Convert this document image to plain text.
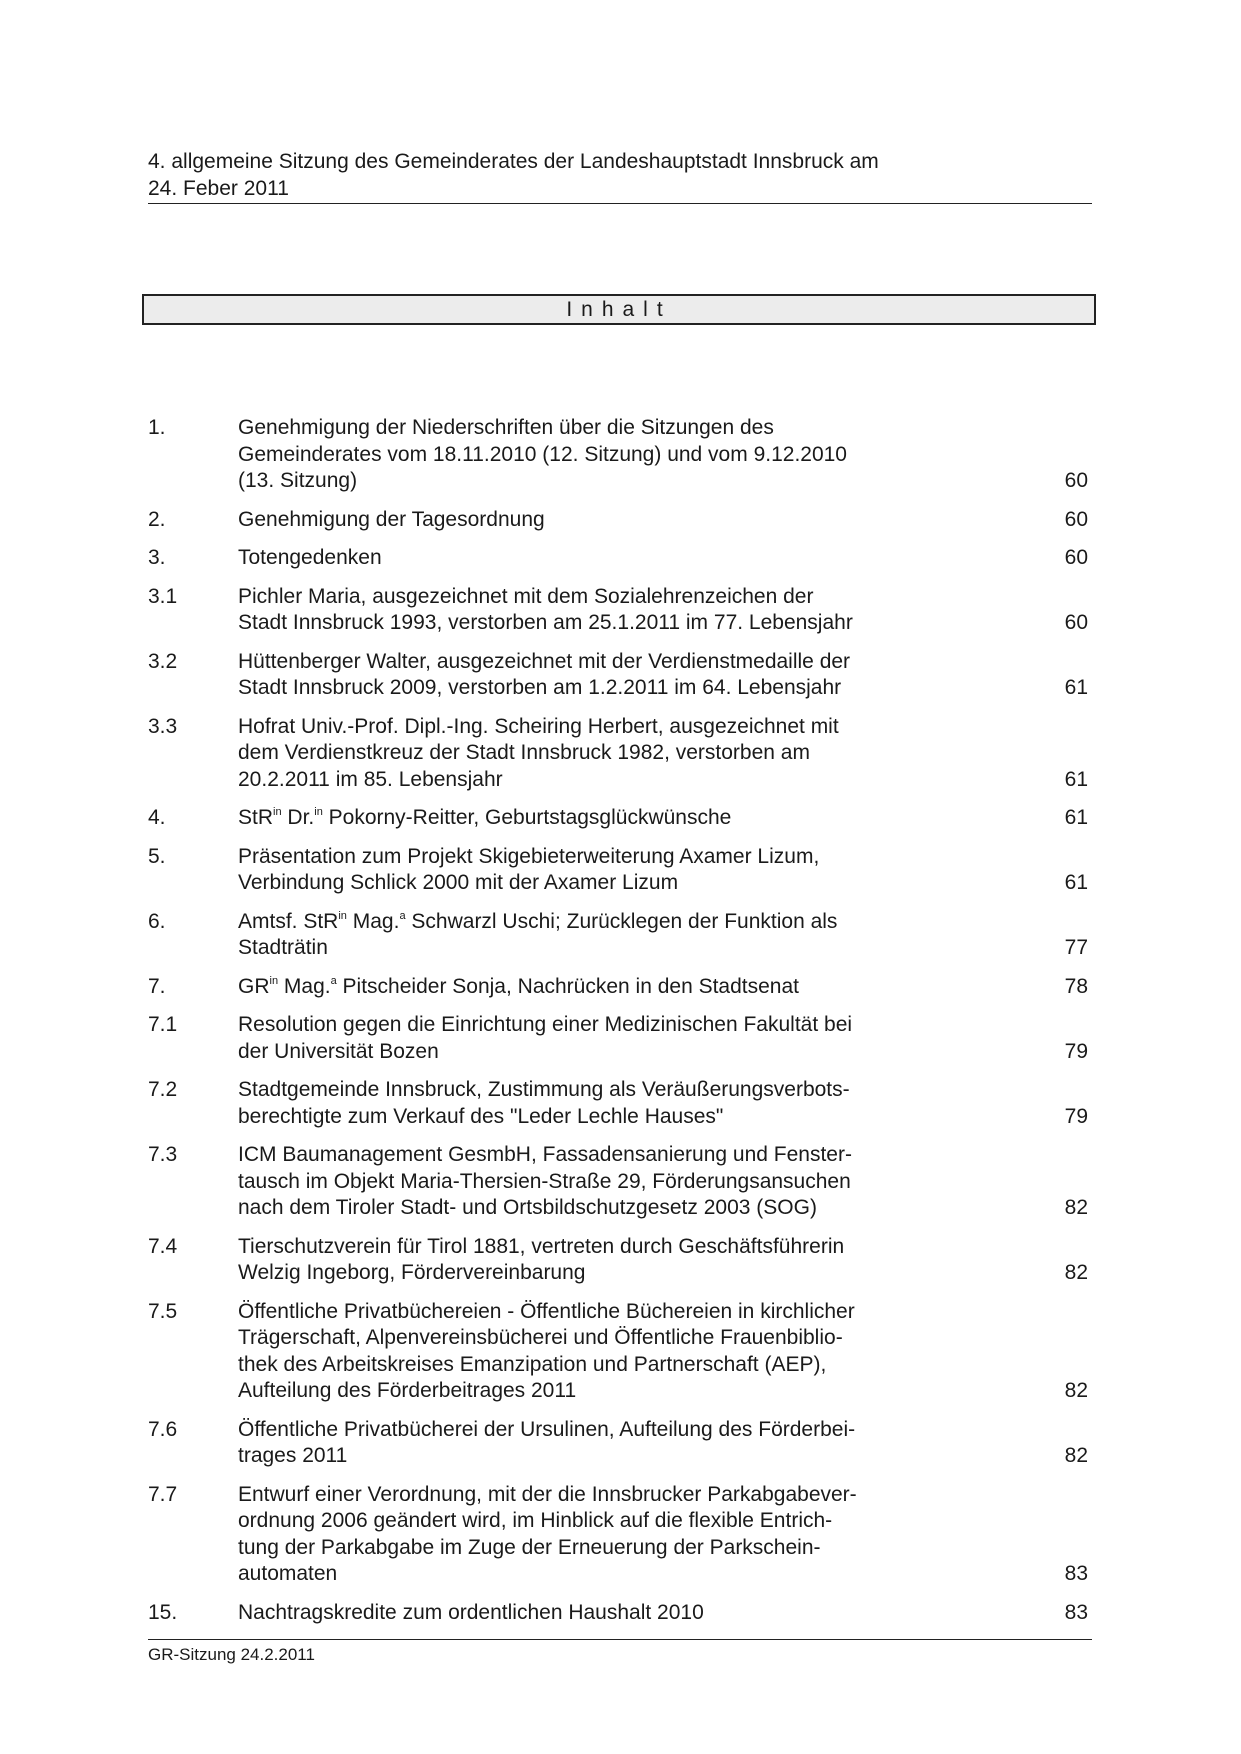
4. allgemeine Sitzung des Gemeinderates der Landeshauptstadt Innsbruck am
24. Feber 2011
Inhalt
1.	Genehmigung der Niederschriften über die Sitzungen des
Gemeinderates vom 18.11.2010 (12. Sitzung) und vom 9.12.2010
(13. Sitzung)	60
2.	Genehmigung der Tagesordnung	60
3.	Totengedenken	60
3.1	Pichler Maria, ausgezeichnet mit dem Sozialehrenzeichen der
Stadt Innsbruck 1993, verstorben am 25.1.2011 im 77. Lebensjahr	60
3.2	Hüttenberger Walter, ausgezeichnet mit der Verdienstmedaille der
Stadt Innsbruck 2009, verstorben am 1.2.2011 im 64. Lebensjahr	61
3.3	Hofrat Univ.-Prof. Dipl.-Ing. Scheiring Herbert, ausgezeichnet mit
dem Verdienstkreuz der Stadt Innsbruck 1982, verstorben am
20.2.2011 im 85. Lebensjahr	61
4.	StR$^{in}$ Dr.$^{in}$ Pokorny-Reitter, Geburtstagsglückwünsche	61
5.	Präsentation zum Projekt Skigebieterweiterung Axamer Lizum,
Verbindung Schlick 2000 mit der Axamer Lizum	61
6.	Amtsf. StR$^{in}$ Mag.$^a$ Schwarzl Uschi; Zurücklegen der Funktion als
Stadträtin	77
7.	$GR^{in}$ Mag.$^a$ Pitscheider Sonja, Nachrücken in den Stadtsenat	78
7.1	Resolution gegen die Einrichtung einer Medizinischen Fakultät bei
der Universität Bozen	79
7.2	Stadtgemeinde Innsbruck, Zustimmung als Veräußerungsverbots-
berechtigte zum Verkauf des "Leder Lechle Hauses"	79
7.3	ICM Baumanagement GesmbH, Fassadensanierung und Fenster-
tausch im Objekt Maria-Thersien-Straße 29, Förderungsansuchen
nach dem Tiroler Stadt- und Ortsbildschutzgesetz 2003 (SOG)	82
7.4	Tierschutzverein für Tirol 1881, vertreten durch Geschäftsführerin
Welzig Ingeborg, Fördervereinbarung	82
7.5	Öffentliche Privatbüchereien - Öffentliche Büchereien in kirchlicher
Trägerschaft, Alpenvereinsbücherei und Öffentliche Frauenbiblio-
thek des Arbeitskreises Emanzipation und Partnerschaft (AEP),
Aufteilung des Förderbeitrages 2011	82
7.6	Öffentliche Privatbücherei der Ursulinen, Aufteilung des Förderbei-
trages 2011	82
7.7	Entwurf einer Verordnung, mit der die Innsbrucker Parkabgabever-
ordnung 2006 geändert wird, im Hinblick auf die flexible Entrich-
tung der Parkabgabe im Zuge der Erneuerung der Parkschein-
automaten	83
15.	Nachtragskredite zum ordentlichen Haushalt 2010	83
GR-Sitzung 24.2.2011
